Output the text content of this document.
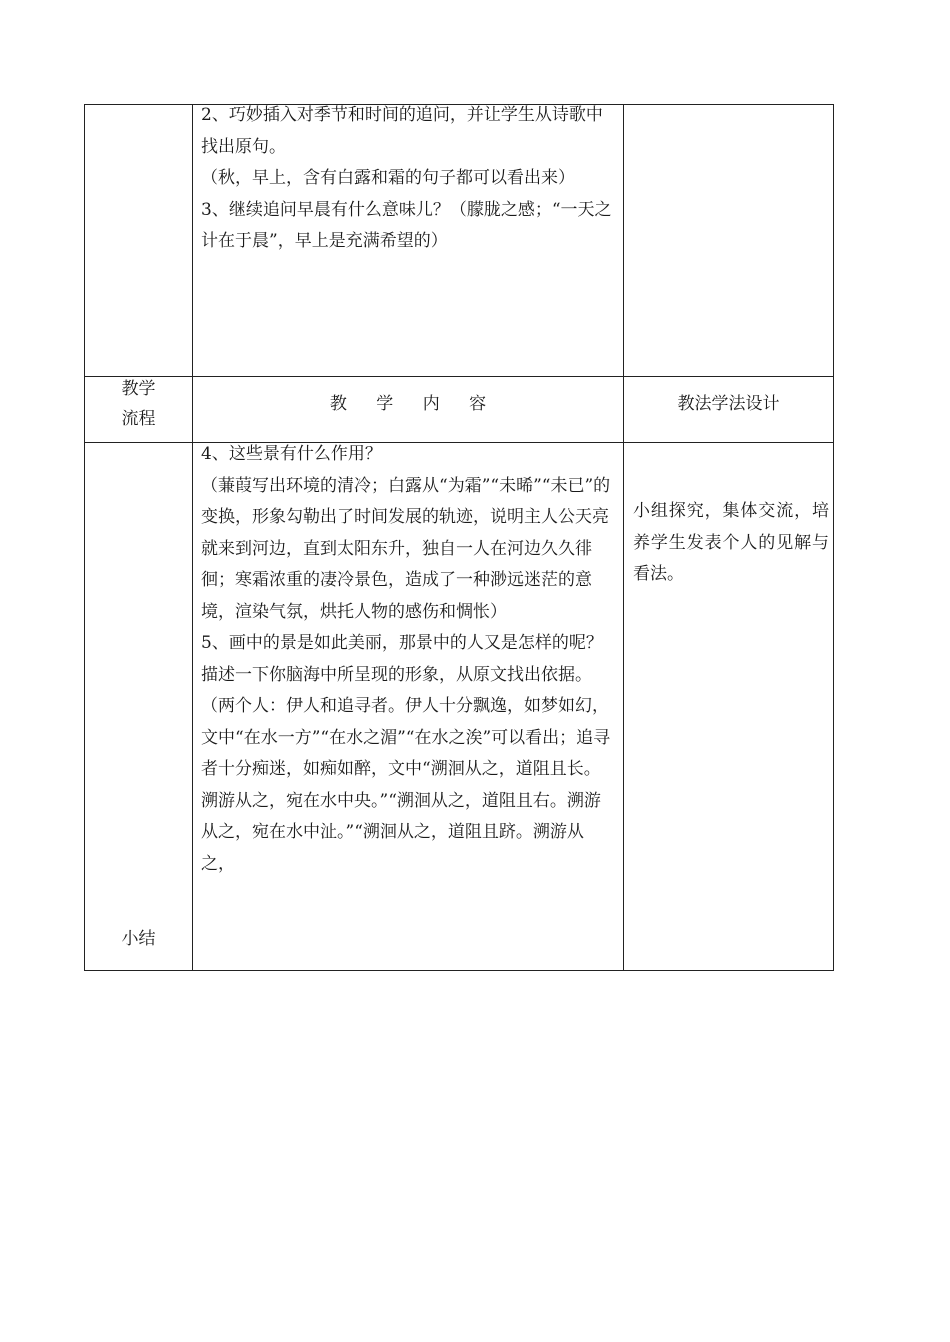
2、巧妙插入对季节和时间的追问，并让学生从诗歌中找出原句。

（秋，早上，含有白露和霜的句子都可以看出来）

3、继续追问早晨有什么意味儿？（朦胧之感；“一天之计在于晨”，早上是充满希望的）

教学
流程
教 学 内 容	教法学法设计
小结

4、这些景有什么作用？

（蒹葭写出环境的清冷；白露从“为霜”“未晞”“未已”的变换，形象勾勒出了时间发展的轨迹，说明主人公天亮就来到河边，直到太阳东升，独自一人在河边久久徘徊；寒霜浓重的凄冷景色，造成了一种渺远迷茫的意境，渲染气氛，烘托人物的感伤和惆怅）

5、画中的景是如此美丽，那景中的人又是怎样的呢？描述一下你脑海中所呈现的形象，从原文找出依据。

（两个人：伊人和追寻者。伊人十分飘逸，如梦如幻，文中“在水一方”“在水之湄”“在水之涘”可以看出；追寻者十分痴迷，如痴如醉，文中“溯洄从之，道阻且长。溯游从之，宛在水中央。”“溯洄从之，道阻且右。溯游从之，宛在水中沚。”“溯洄从之，道阻且跻。溯游从之，

小组探究，集体交流，培养学生发表个人的见解与看法。
